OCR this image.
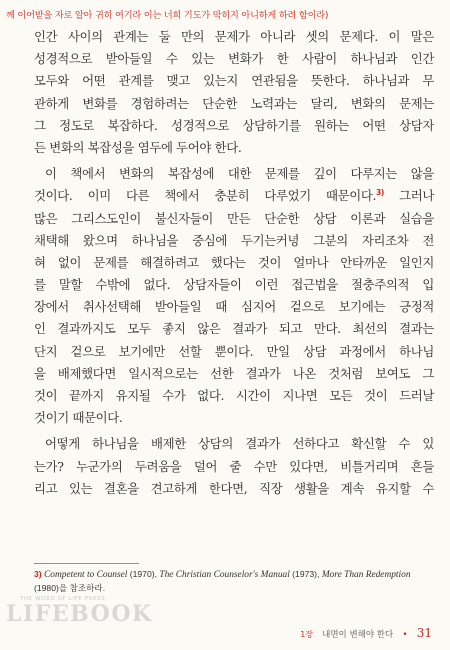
께 이어받을 자로 알아 귀히 여기라 이는 너희 기도가 막히지 아니하게 하려 함이라)
인간 사이의 관계는 둘 만의 문제가 아니라 셋의 문제다. 이 말은
성경적으로 받아들일 수 있는 변화가 한 사람이 하나님과 인간
모두와 어떤 관계를 맺고 있는지 연관됨을 뜻한다. 하나님과 무
관하게 변화를 경험하려는 단순한 노력과는 달리, 변화의 문제는
그 정도로 복잡하다. 성경적으로 상담하기를 원하는 어떤 상담자
든 변화의 복잡성을 염두에 두어야 한다.
이 책에서 변화의 복잡성에 대한 문제를 깊이 다루지는 않을
것이다. 이미 다른 책에서 충분히 다루었기 때문이다.$^{3)}$ 그러나
많은 그리스도인이 불신자들이 만든 단순한 상담 이론과 실습을
채택해 왔으며 하나님을 중심에 두기는커녕 그분의 자리조차 전
혀 없이 문제를 해결하려고 했다는 것이 얼마나 안타까운 일인지
를 말할 수밖에 없다. 상담자들이 이런 접근법을 절충주의적 입
장에서 취사선택해 받아들일 때 심지어 겉으로 보기에는 긍정적
인 결과까지도 모두 좋지 않은 결과가 되고 만다. 최선의 결과는
단지 겉으로 보기에만 선할 뿐이다. 만일 상담 과정에서 하나님
을 배제했다면 일시적으로는 선한 결과가 나온 것처럼 보여도 그
것이 끝까지 유지될 수가 없다. 시간이 지나면 모든 것이 드러날
것이기 때문이다.
어떻게 하나님을 배제한 상담의 결과가 선하다고 확신할 수 있
는가? 누군가의 두려움을 덜어 줄 수만 있다면, 비틀거리며 흔들
리고 있는 결혼을 견고하게 한다면, 직장 생활을 계속 유지할 수
3) Competent to Counsel (1970), The Christian Counselor's Manual (1973), More Than Redemption (1980)을 참조하라.
THE WORD OF LIFE PRESS
LIFEBOOK
1장 내면이 변해야 한다 • 31
